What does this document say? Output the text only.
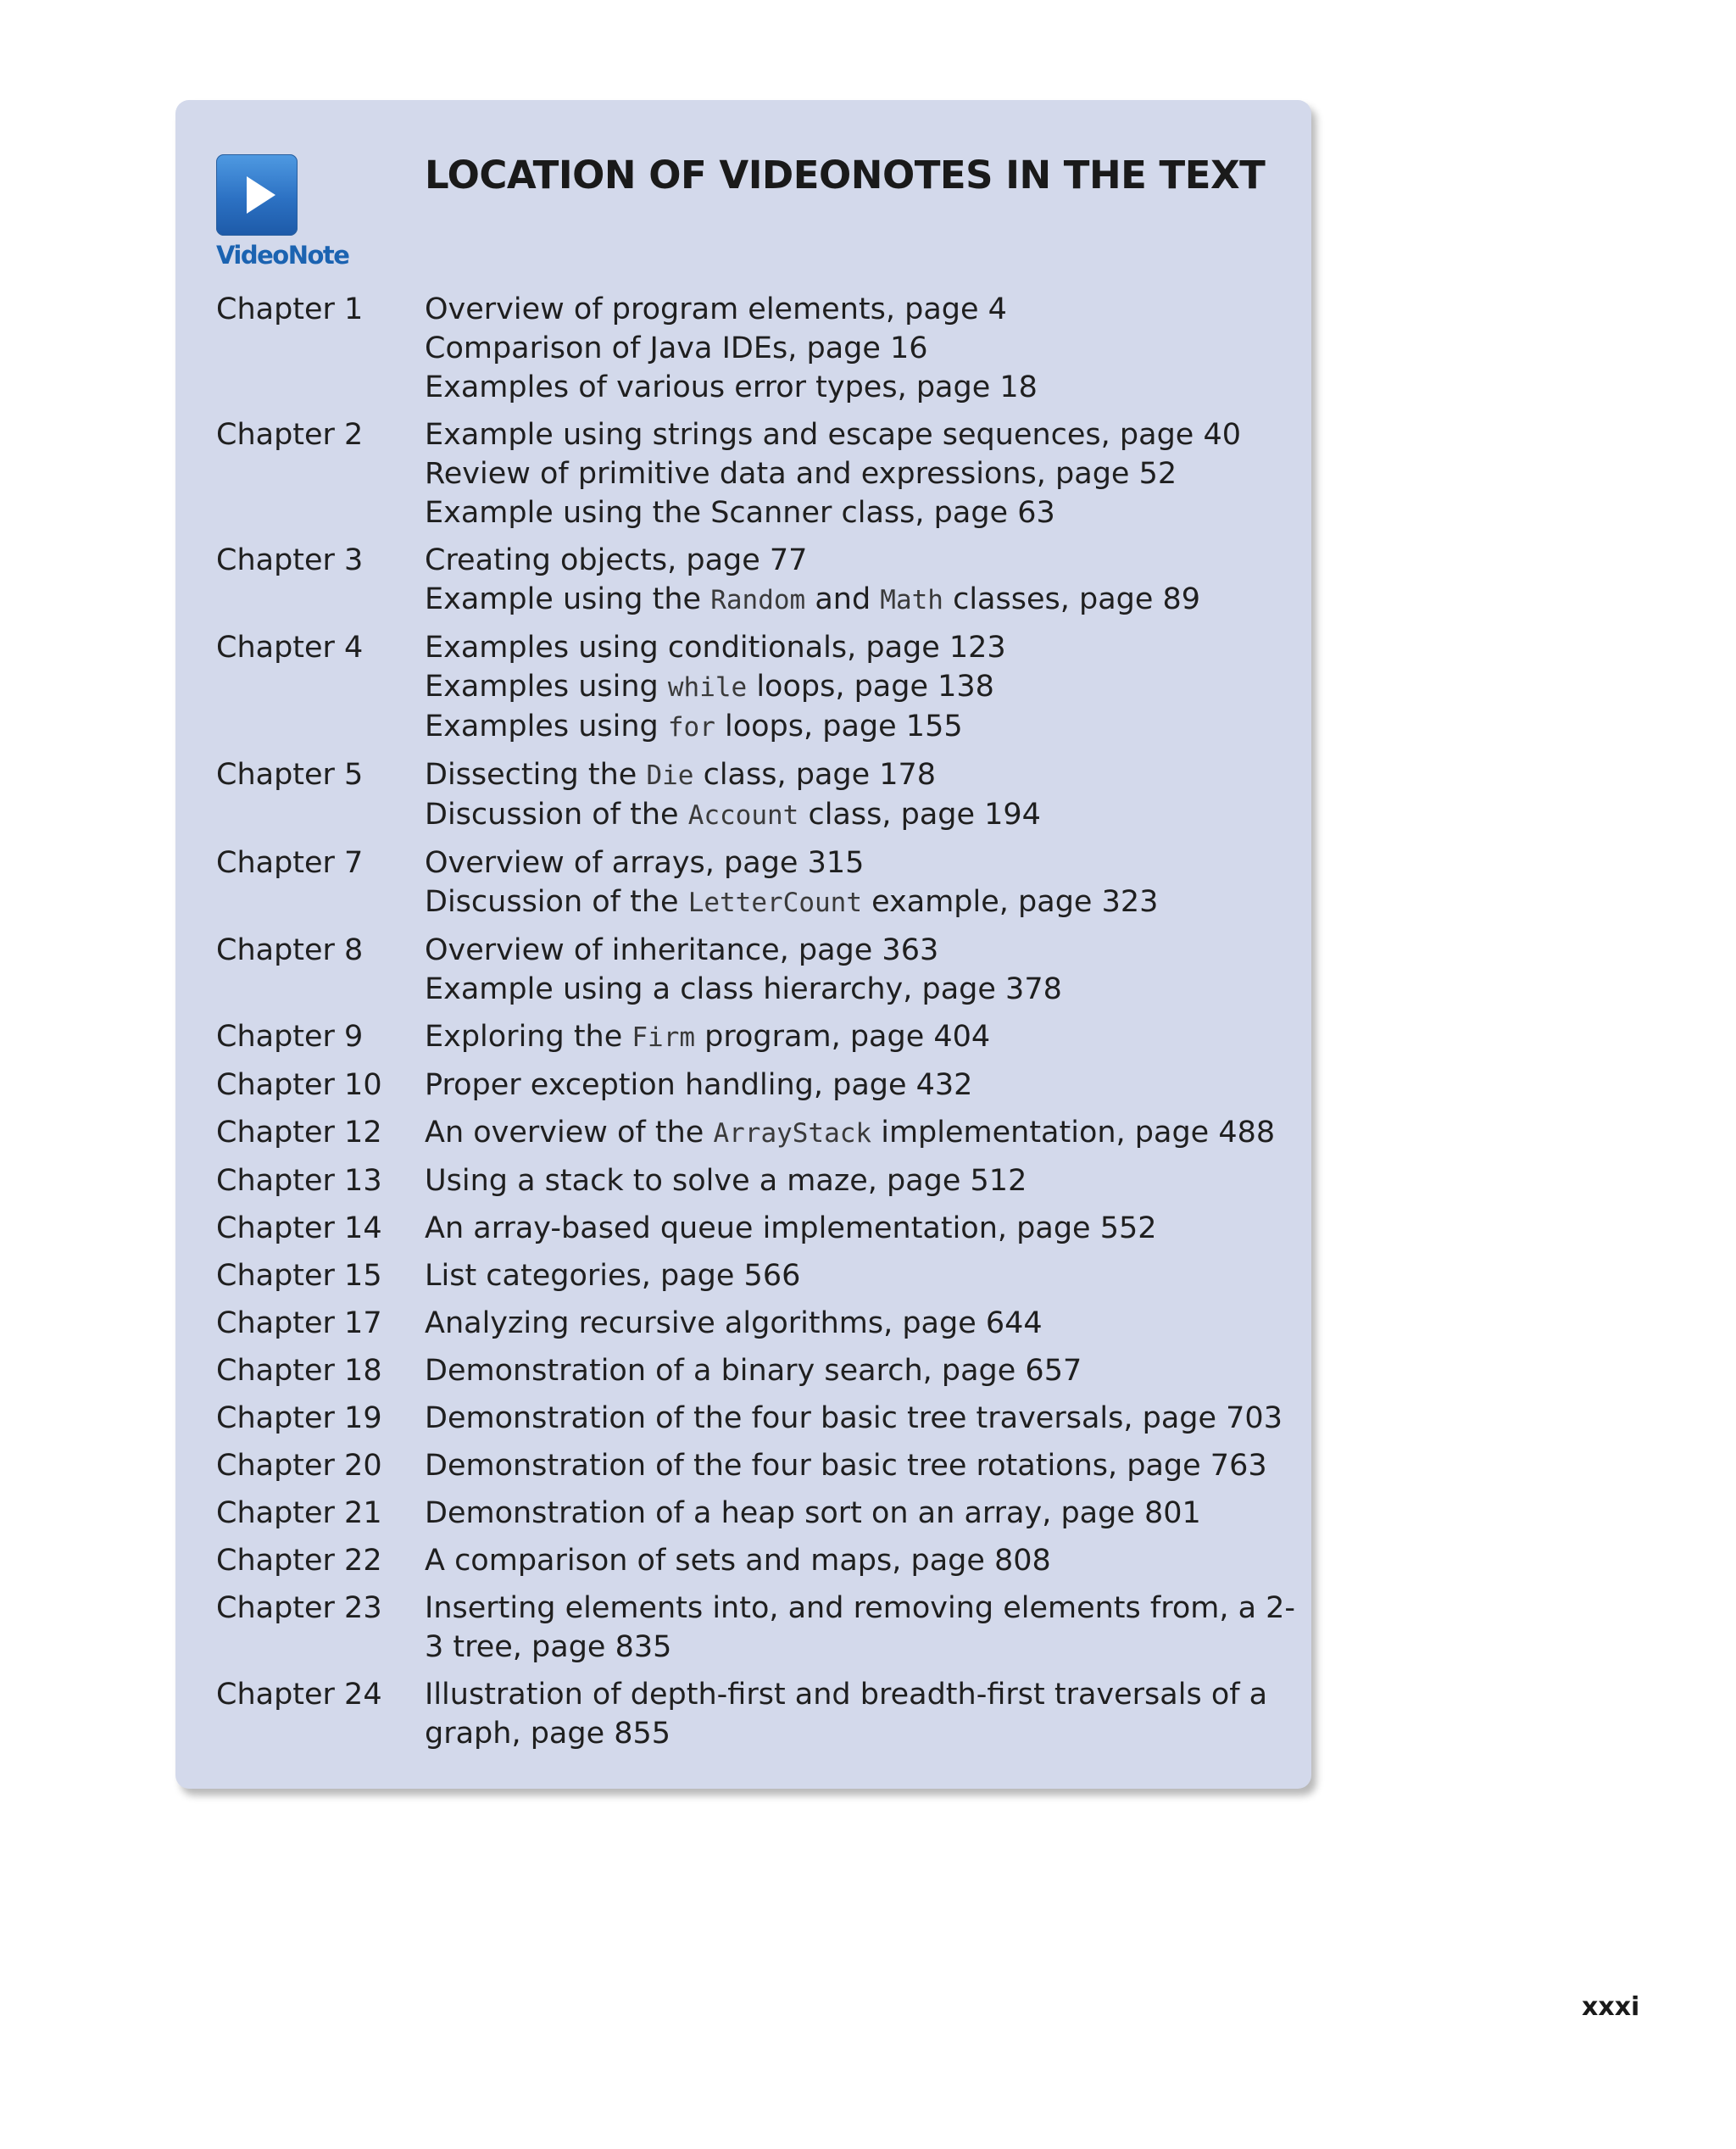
VideoNote
LOCATION OF VIDEONOTES IN THE TEXT
Chapter 1	Overview of program elements, page 4
Comparison of Java IDEs, page 16
Examples of various error types, page 18
Chapter 2	Example using strings and escape sequences, page 40
Review of primitive data and expressions, page 52
Example using the Scanner class, page 63
Chapter 3	Creating objects, page 77
Example using the Random and Math classes, page 89
Chapter 4	Examples using conditionals, page 123
Examples using while loops, page 138
Examples using for loops, page 155
Chapter 5	Dissecting the Die class, page 178
Discussion of the Account class, page 194
Chapter 7	Overview of arrays, page 315
Discussion of the LetterCount example, page 323
Chapter 8	Overview of inheritance, page 363
Example using a class hierarchy, page 378
Chapter 9	Exploring the Firm program, page 404
Chapter 10	Proper exception handling, page 432
Chapter 12	An overview of the ArrayStack implementation, page 488
Chapter 13	Using a stack to solve a maze, page 512
Chapter 14	An array-based queue implementation, page 552
Chapter 15	List categories, page 566
Chapter 17	Analyzing recursive algorithms, page 644
Chapter 18	Demonstration of a binary search, page 657
Chapter 19	Demonstration of the four basic tree traversals, page 703
Chapter 20	Demonstration of the four basic tree rotations, page 763
Chapter 21	Demonstration of a heap sort on an array, page 801
Chapter 22	A comparison of sets and maps, page 808
Chapter 23	Inserting elements into, and removing elements from, a 2-3 tree, page 835
Chapter 24	Illustration of depth-first and breadth-first traversals of a graph, page 855
xxxi
